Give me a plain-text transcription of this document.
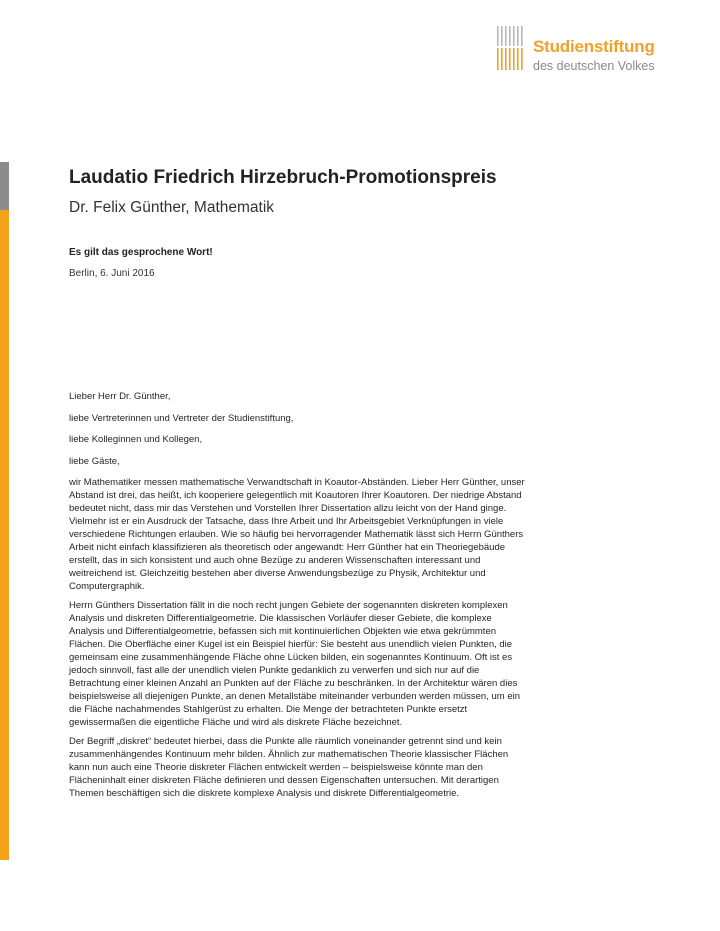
Studienstiftung
des deutschen Volkes
Laudatio Friedrich Hirzebruch-Promotionspreis
Dr. Felix Günther, Mathematik
Es gilt das gesprochene Wort!
Berlin, 6. Juni 2016

Lieber Herr Dr. Günther,

liebe Vertreterinnen und Vertreter der Studienstiftung,

liebe Kolleginnen und Kollegen,

liebe Gäste,

wir Mathematiker messen mathematische Verwandtschaft in Koautor-Abständen. Lieber Herr Günther, unser Abstand ist drei, das heißt, ich kooperiere gelegentlich mit Koautoren Ihrer Koautoren. Der niedrige Abstand bedeutet nicht, dass mir das Verstehen und Vorstellen Ihrer Dissertation allzu leicht von der Hand ginge. Vielmehr ist er ein Ausdruck der Tatsache, dass Ihre Arbeit und Ihr Arbeitsgebiet Verknüpfungen in viele verschiedene Richtungen erlauben. Wie so häufig bei hervorragender Mathematik lässt sich Herrn Günthers Arbeit nicht einfach klassifizieren als theoretisch oder angewandt: Herr Günther hat ein Theoriegebäude erstellt, das in sich konsistent und auch ohne Bezüge zu anderen Wissenschaften interessant und weitreichend ist. Gleichzeitig bestehen aber diverse Anwendungsbezüge zu Physik, Architektur und Computergraphik.

Herrn Günthers Dissertation fällt in die noch recht jungen Gebiete der sogenannten diskreten komplexen Analysis und diskreten Differentialgeometrie. Die klassischen Vorläufer dieser Gebiete, die komplexe Analysis und Differentialgeometrie, befassen sich mit kontinuierlichen Objekten wie etwa gekrümmten Flächen. Die Oberfläche einer Kugel ist ein Beispiel hierfür: Sie besteht aus unendlich vielen Punkten, die gemeinsam eine zusammenhängende Fläche ohne Lücken bilden, ein sogenanntes Kontinuum. Oft ist es jedoch sinnvoll, fast alle der unendlich vielen Punkte gedanklich zu verwerfen und sich nur auf die Betrachtung einer kleinen Anzahl an Punkten auf der Fläche zu beschränken. In der Architektur wären dies beispielsweise all diejenigen Punkte, an denen Metallstäbe miteinander verbunden werden müssen, um ein die Fläche nachahmendes Stahlgerüst zu erhalten. Die Menge der betrachteten Punkte ersetzt gewissermaßen die eigentliche Fläche und wird als diskrete Fläche bezeichnet.

Der Begriff „diskret“ bedeutet hierbei, dass die Punkte alle räumlich voneinander getrennt sind und kein zusammenhängendes Kontinuum mehr bilden. Ähnlich zur mathematischen Theorie klassischer Flächen kann nun auch eine Theorie diskreter Flächen entwickelt werden – beispielsweise könnte man den Flächeninhalt einer diskreten Fläche definieren und dessen Eigenschaften untersuchen. Mit derartigen Themen beschäftigen sich die diskrete komplexe Analysis und diskrete Differentialgeometrie.
